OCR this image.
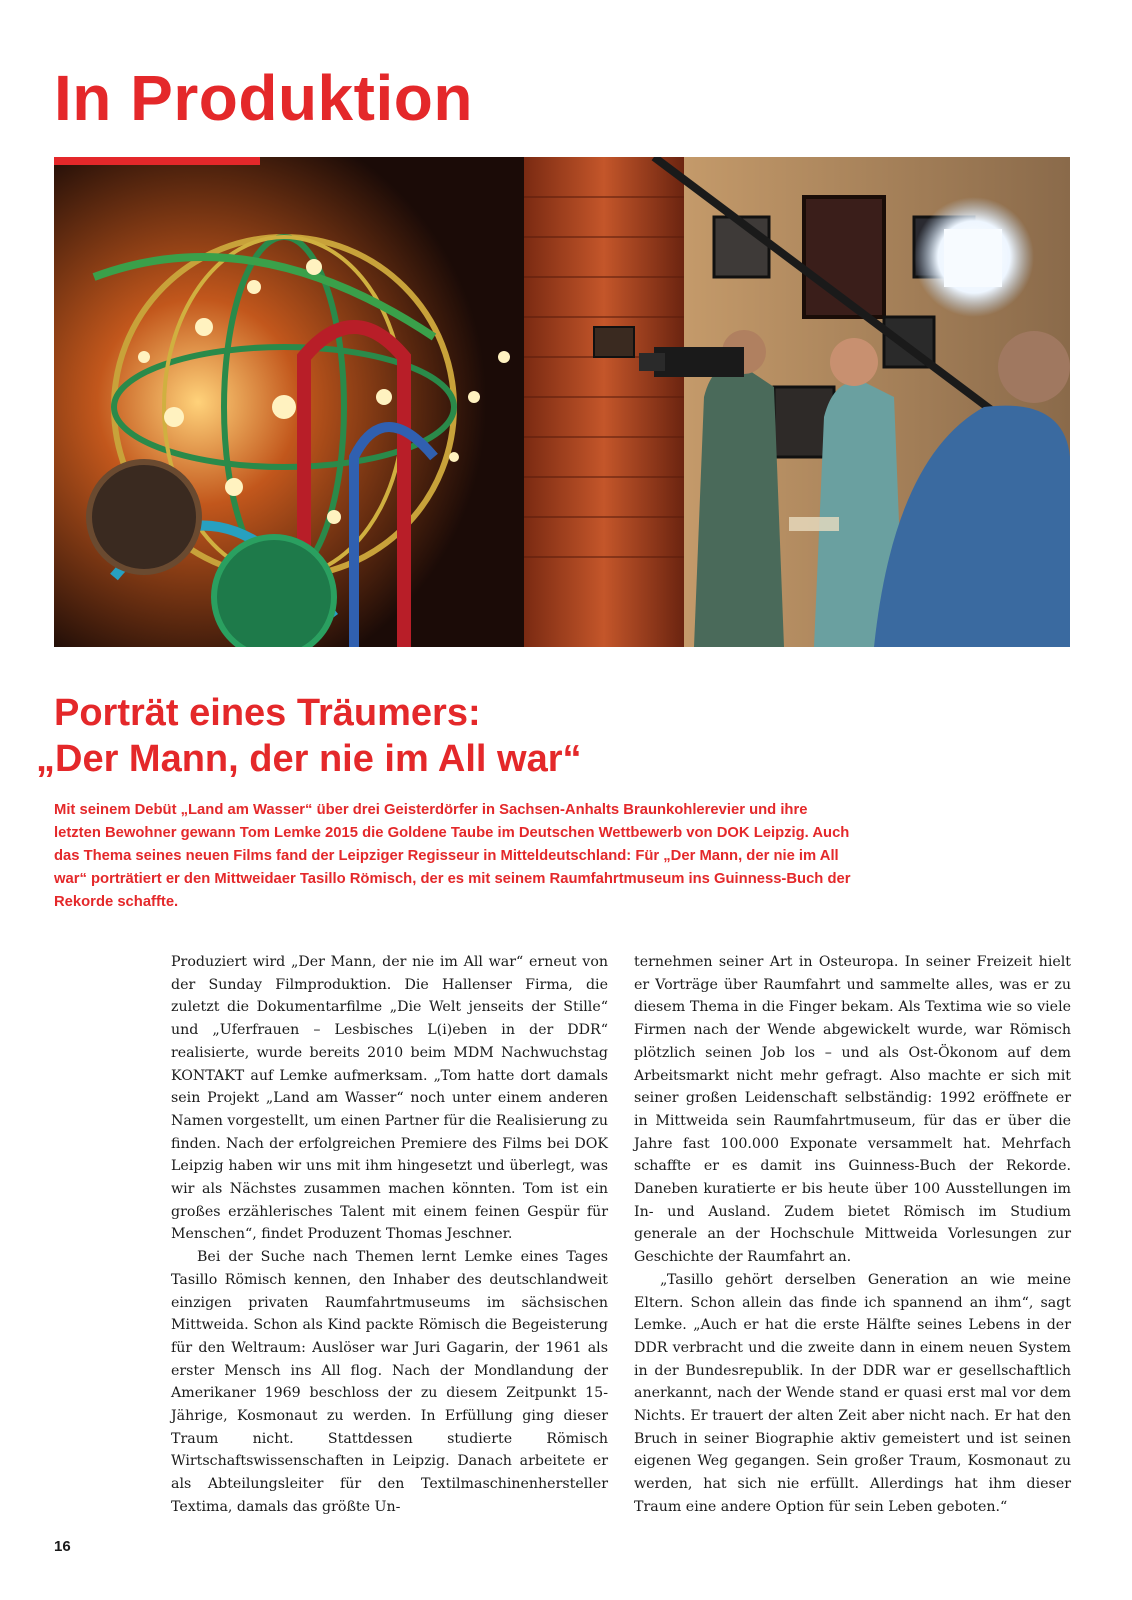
In Produktion
Porträt eines Träumers:
„Der Mann, der nie im All war“

Mit seinem Debüt „Land am Wasser“ über drei Geisterdörfer in Sachsen-Anhalts Braunkohlerevier und ihre letzten Bewohner gewann Tom Lemke 2015 die Goldene Taube im Deutschen Wettbewerb von DOK Leipzig. Auch das Thema seines neuen Films fand der Leipziger Regisseur in Mitteldeutschland: Für „Der Mann, der nie im All war“ porträtiert er den Mittweidaer Tasillo Römisch, der es mit seinem Raumfahrtmuseum ins Guinness-Buch der Rekorde schaffte.

Produziert wird „Der Mann, der nie im All war“ erneut von der Sunday Filmproduktion. Die Hallenser Firma, die zuletzt die Dokumentarfilme „Die Welt jenseits der Stille“ und „Uferfrauen – Lesbisches L(i)eben in der DDR“ realisierte, wurde bereits 2010 beim MDM Nachwuchstag KONTAKT auf Lemke aufmerksam. „Tom hatte dort damals sein Projekt „Land am Wasser“ noch unter einem anderen Namen vorgestellt, um einen Partner für die Realisierung zu finden. Nach der erfolgreichen Premiere des Films bei DOK Leipzig haben wir uns mit ihm hingesetzt und überlegt, was wir als Nächstes zusammen machen könnten. Tom ist ein großes erzählerisches Talent mit einem feinen Gespür für Menschen“, findet Produzent Thomas Jeschner.

Bei der Suche nach Themen lernt Lemke eines Tages Tasillo Römisch kennen, den Inhaber des deutschlandweit einzigen privaten Raumfahrtmuseums im sächsischen Mittweida. Schon als Kind packte Römisch die Begeisterung für den Weltraum: Auslöser war Juri Gagarin, der 1961 als erster Mensch ins All flog. Nach der Mondlandung der Amerikaner 1969 beschloss der zu diesem Zeitpunkt 15-Jährige, Kosmonaut zu werden. In Erfüllung ging dieser Traum nicht. Stattdessen studierte Römisch Wirtschaftswissenschaften in Leipzig. Danach arbeitete er als Abteilungsleiter für den Textilmaschinenhersteller Textima, damals das größte Un-

ternehmen seiner Art in Osteuropa. In seiner Freizeit hielt er Vorträge über Raumfahrt und sammelte alles, was er zu diesem Thema in die Finger bekam. Als Textima wie so viele Firmen nach der Wende abgewickelt wurde, war Römisch plötzlich seinen Job los – und als Ost-Ökonom auf dem Arbeitsmarkt nicht mehr gefragt. Also machte er sich mit seiner großen Leidenschaft selbständig: 1992 eröffnete er in Mittweida sein Raumfahrtmuseum, für das er über die Jahre fast 100.000 Exponate versammelt hat. Mehrfach schaffte er es damit ins Guinness-Buch der Rekorde. Daneben kuratierte er bis heute über 100 Ausstellungen im In- und Ausland. Zudem bietet Römisch im Studium generale an der Hochschule Mittweida Vorlesungen zur Geschichte der Raumfahrt an.

„Tasillo gehört derselben Generation an wie meine Eltern. Schon allein das finde ich spannend an ihm“, sagt Lemke. „Auch er hat die erste Hälfte seines Lebens in der DDR verbracht und die zweite dann in einem neuen System in der Bundesrepublik. In der DDR war er gesellschaftlich anerkannt, nach der Wende stand er quasi erst mal vor dem Nichts. Er trauert der alten Zeit aber nicht nach. Er hat den Bruch in seiner Biographie aktiv gemeistert und ist seinen eigenen Weg gegangen. Sein großer Traum, Kosmonaut zu werden, hat sich nie erfüllt. Allerdings hat ihm dieser Traum eine andere Option für sein Leben geboten.“

16
